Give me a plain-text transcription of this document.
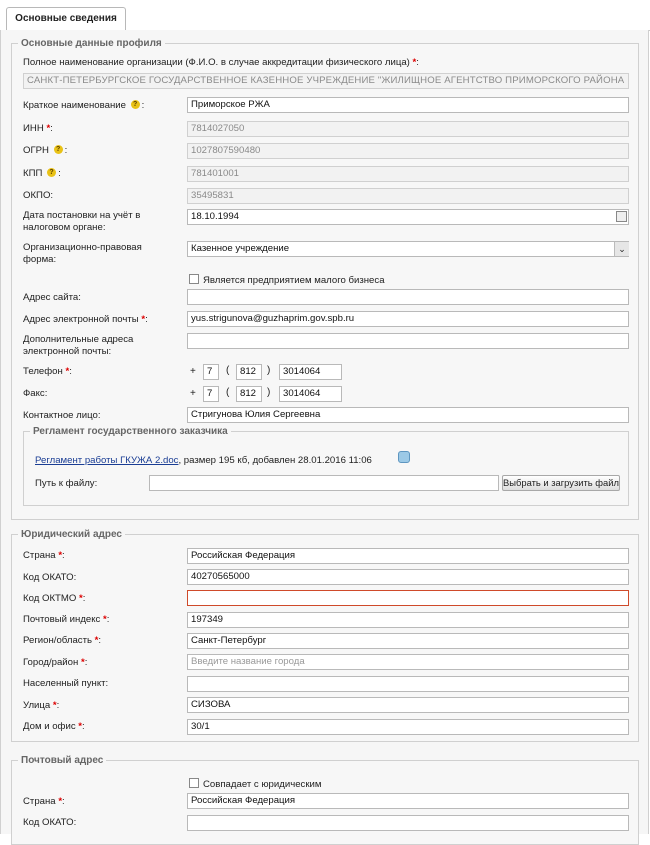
Основные сведения
Основные данные профиля
Полное наименование организации (Ф.И.О. в случае аккредитации физического лица) *:
САНКТ-ПЕТЕРБУРГСКОЕ ГОСУДАРСТВЕННОЕ КАЗЕННОЕ УЧРЕЖДЕНИЕ "ЖИЛИЩНОЕ АГЕНТСТВО ПРИМОРСКОГО РАЙОНА
Краткое наименование ? :	Приморское РЖА
ИНН *:	7814027050
ОГРН ? :	1027807590480
КПП ? :	781401001
ОКПО:	35495831
Дата постановки на учёт в
налоговом органе:
18.10.1994
Организационно-правовая
форма:
Казенное учреждение	⌄
Является предприятием малого бизнеса
Адрес сайта:
Адрес электронной почты *:	yus.strigunova@guzhaprim.gov.spb.ru
Дополнительные адреса
электронной почты:
Телефон *:	+	7	(	812	)	3014064
Факс:	+	7	(	812	)	3014064
Контактное лицо:	Стригунова Юлия Сергеевна
Регламент государственного заказчика
Регламент работы ГКУЖА 2.doc, размер 195 кб, добавлен 28.01.2016 11:06
Путь к файлу:	Выбрать и загрузить файл
Юридический адрес
Страна *:	Российская Федерация
Код ОКАТО:	40270565000
Код ОКТМО *:
Почтовый индекс *:	197349
Регион/область *:	Санкт-Петербург
Город/район *:	Введите название города
Населенный пункт:
Улица *:	СИЗОВА
Дом и офис *:	30/1
Почтовый адрес
Совпадает с юридическим
Страна *:	Российская Федерация
Код ОКАТО:
